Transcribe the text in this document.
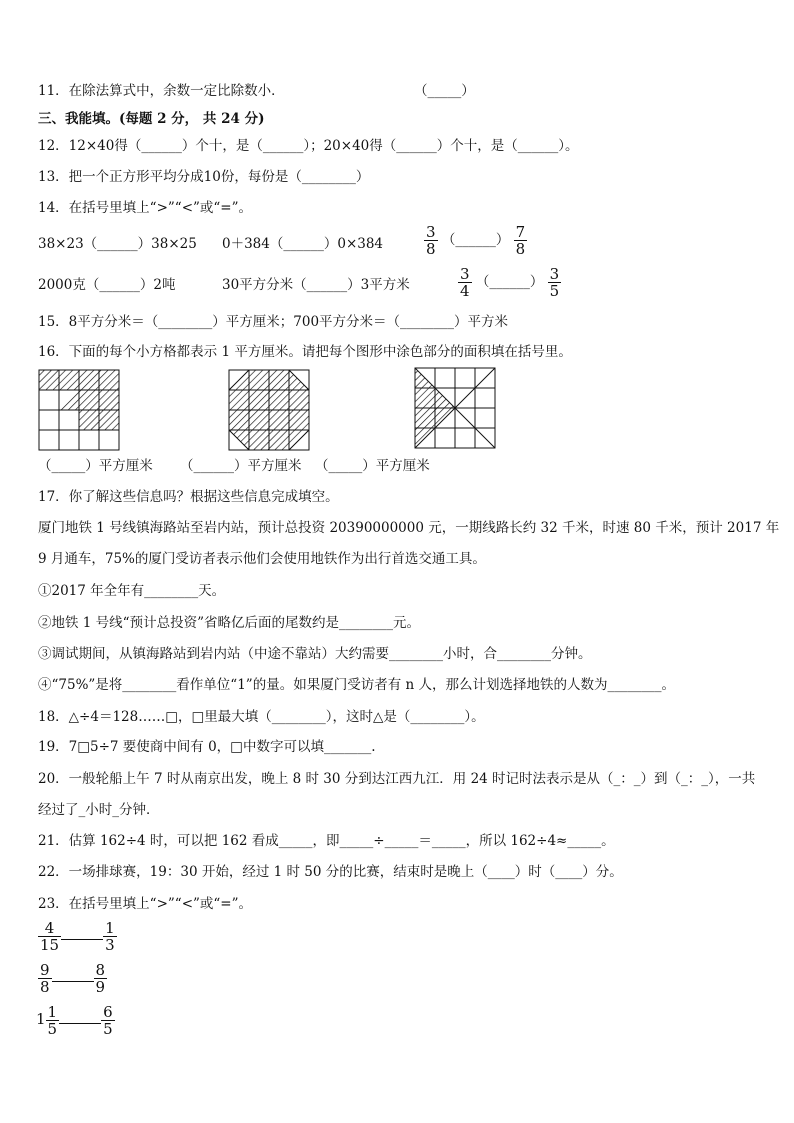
11．在除法算式中，余数一定比除数小．	（_____）
三、我能填。(每题 2 分， 共 24 分)
12．12×40得（______）个十，是（______）；20×40得（______）个十，是（______）。
13．把一个正方形平均分成10份，每份是（________）
14．在括号里填上“>”“<”或“=”。
38×23（______）38×25 0＋384（______）0×384	$\frac{3}{8}$ （______） $\frac{7}{8}$
2000克（______）2吨	30平方分米（______）3平方米	$\frac{3}{4}$ （______） $\frac{3}{5}$
15．8平方分米＝（________）平方厘米；700平方分米＝（________）平方米
16．下面的每个小方格都表示 1 平方厘米。请把每个图形中涂色部分的面积填在括号里。
（_____）平方厘米 （______）平方厘米 （_____）平方厘米
17．你了解这些信息吗？根据这些信息完成填空。
厦门地铁 1 号线镇海路站至岩内站，预计总投资 20390000000 元，一期线路长约 32 千米，时速 80 千米，预计 2017 年
9 月通车，75%的厦门受访者表示他们会使用地铁作为出行首选交通工具。
①2017 年全年有________天。
②地铁 1 号线“预计总投资”省略亿后面的尾数约是________元。
③调试期间，从镇海路站到岩内站（中途不靠站）大约需要________小时，合________分钟。
④“75%”是将________看作单位“1”的量。如果厦门受访者有 n 人，那么计划选择地铁的人数为________。
18．△÷4＝128……□，□里最大填（________），这时△是（________）。
19．7□5÷7 要使商中间有 0，□中数字可以填_______.
20．一般轮船上午 7 时从南京出发，晚上 8 时 30 分到达江西九江．用 24 时记时法表示是从（_：_）到（_：_），一共
经过了_小时_分钟．
21．估算 162÷4 时，可以把 162 看成_____，即_____÷_____＝_____，所以 162÷4≈_____。
22．一场排球赛，19：30 开始，经过 1 时 50 分的比赛，结束时是晚上（____）时（____）分。
23．在括号里填上“>”“<”或“=”。
$\frac{4}{15}$	$\frac{1}{3}$
$\frac{9}{8}$	$\frac{8}{9}$
$1 \frac{1}{5}$	$\frac{6}{5}$
